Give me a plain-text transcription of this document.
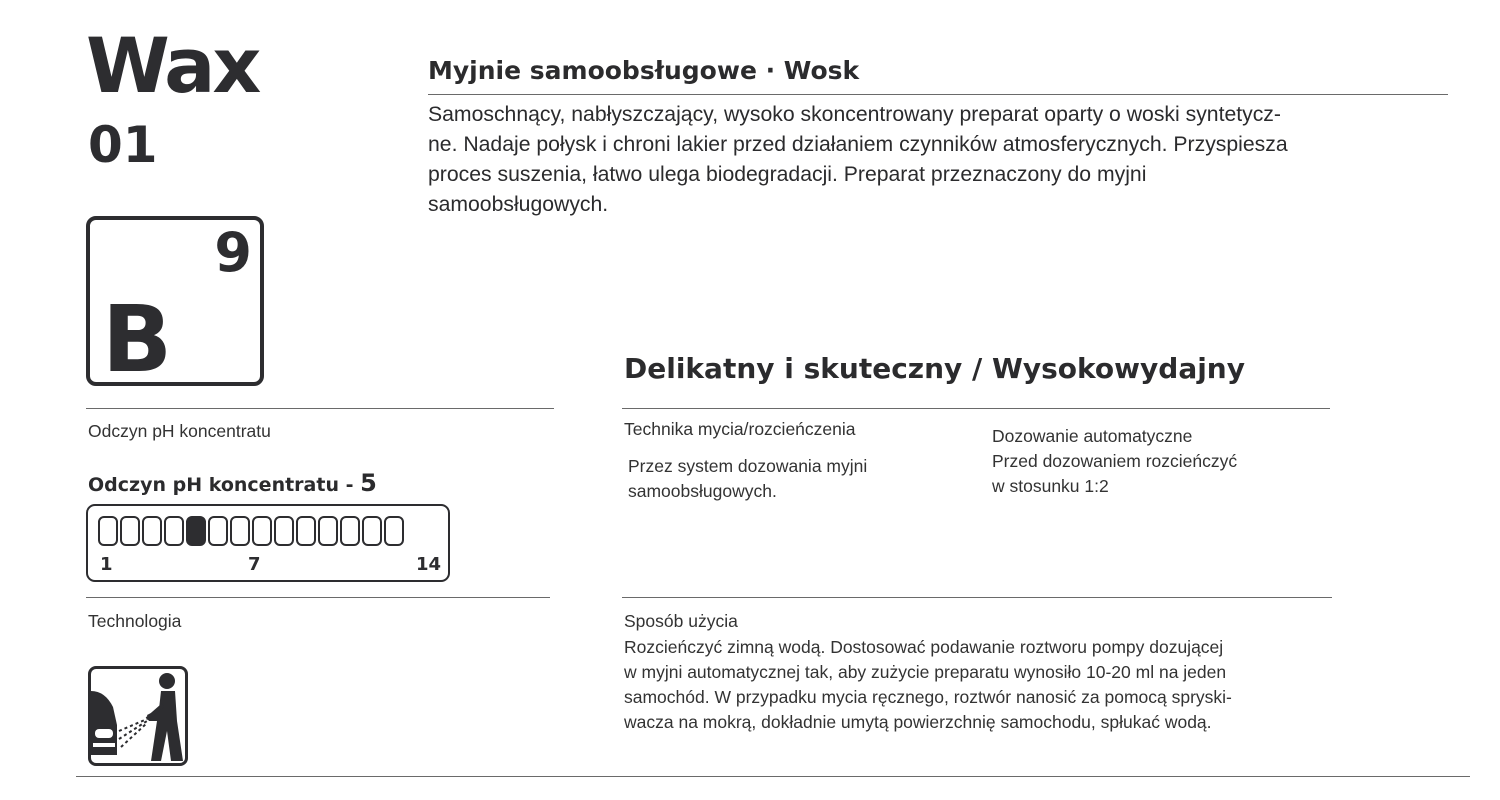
Wax
01
9
B
Myjnie samoobsługowe · Wosk
Samoschnący, nabłyszczający, wysoko skoncentrowany preparat oparty o woski syntetycz-
ne. Nadaje połysk i chroni lakier przed działaniem czynników atmosferycznych. Przyspiesza
proces suszenia, łatwo ulega biodegradacji. Preparat przeznaczony do myjni
samoobsługowych.
Delikatny i skuteczny / Wysokowydajny
Odczyn pH koncentratu
Odczyn pH koncentratu - 5
1	7	14
Technologia
Technika mycia/rozcieńczenia
Przez system dozowania myjni
samoobsługowych.
Dozowanie automatyczne
Przed dozowaniem rozcieńczyć
w stosunku 1:2
Sposób użycia
Rozcieńczyć zimną wodą. Dostosować podawanie roztworu pompy dozującej
w myjni automatycznej tak, aby zużycie preparatu wynosiło 10-20 ml na jeden
samochód. W przypadku mycia ręcznego, roztwór nanosić za pomocą spryski-
wacza na mokrą, dokładnie umytą powierzchnię samochodu, spłukać wodą.
